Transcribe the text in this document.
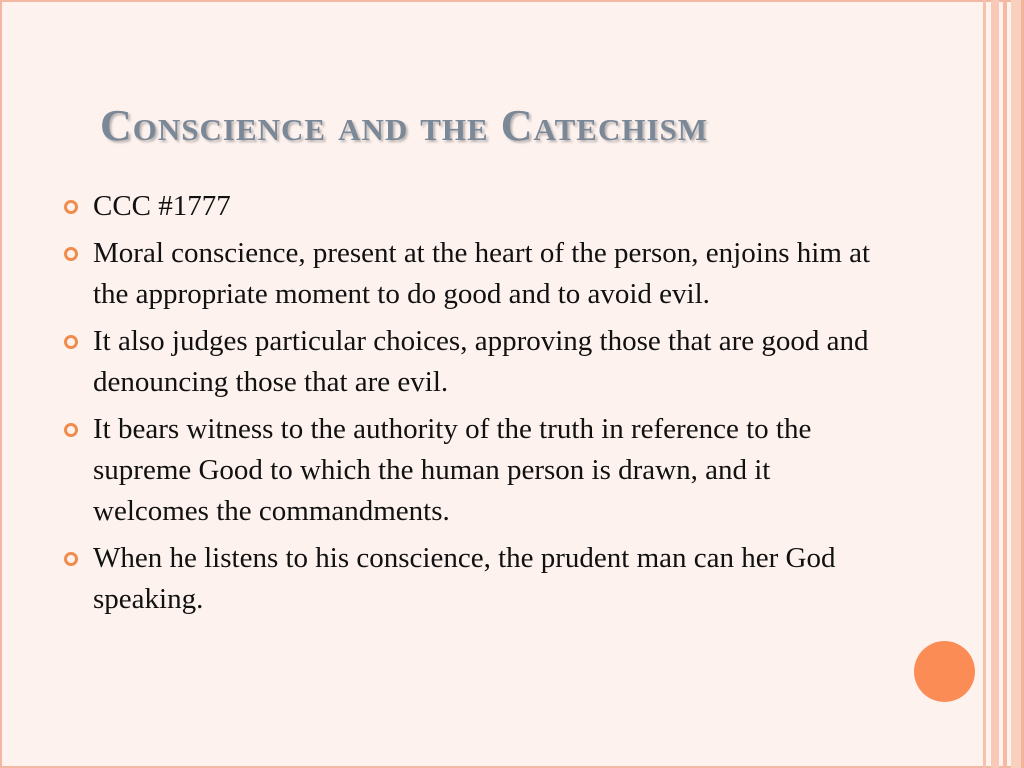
Conscience and the Catechism
CCC #1777
Moral conscience, present at the heart of the person, enjoins him at the appropriate moment to do good and to avoid evil.
It also judges particular choices, approving those that are good and denouncing those that are evil.
It bears witness to the authority of the truth in reference to the supreme Good to which the human person is drawn, and it welcomes the commandments.
When he listens to his conscience, the prudent man can her God speaking.
